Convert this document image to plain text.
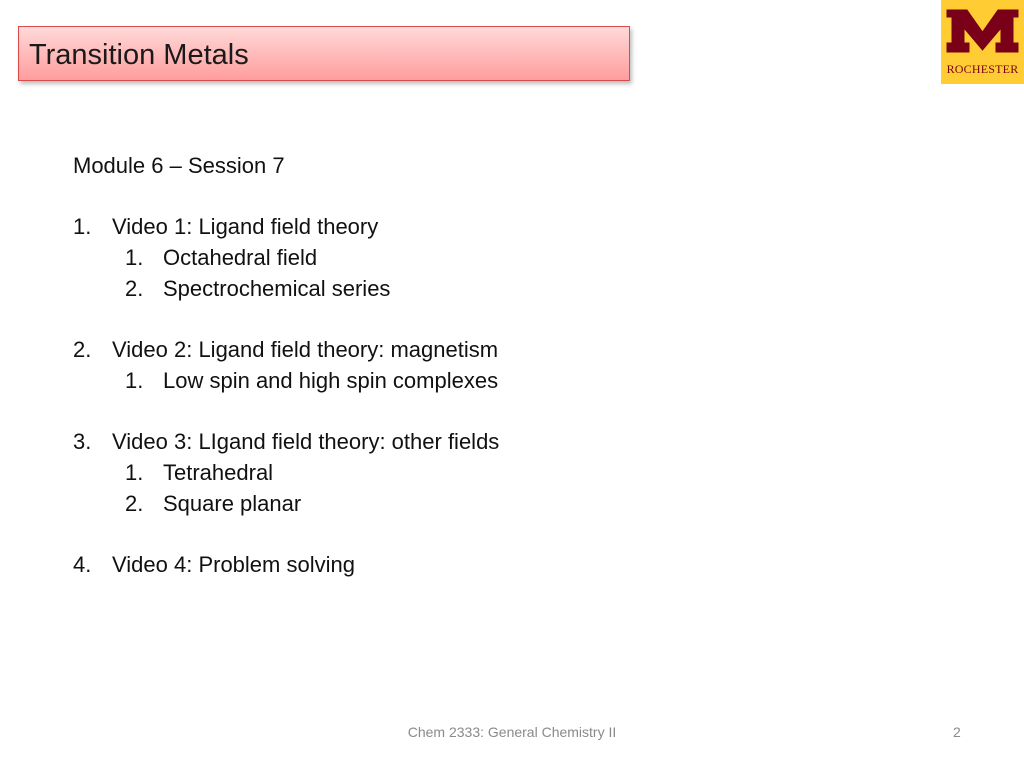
Transition Metals	ROCHESTER
Module 6 – Session 7
1. Video 1: Ligand field theory
1. Octahedral field
2. Spectrochemical series
2. Video 2: Ligand field theory: magnetism
1. Low spin and high spin complexes
3. Video 3: LIgand field theory: other fields
1. Tetrahedral
2. Square planar
4. Video 4: Problem solving
Chem 2333: General Chemistry II	2
